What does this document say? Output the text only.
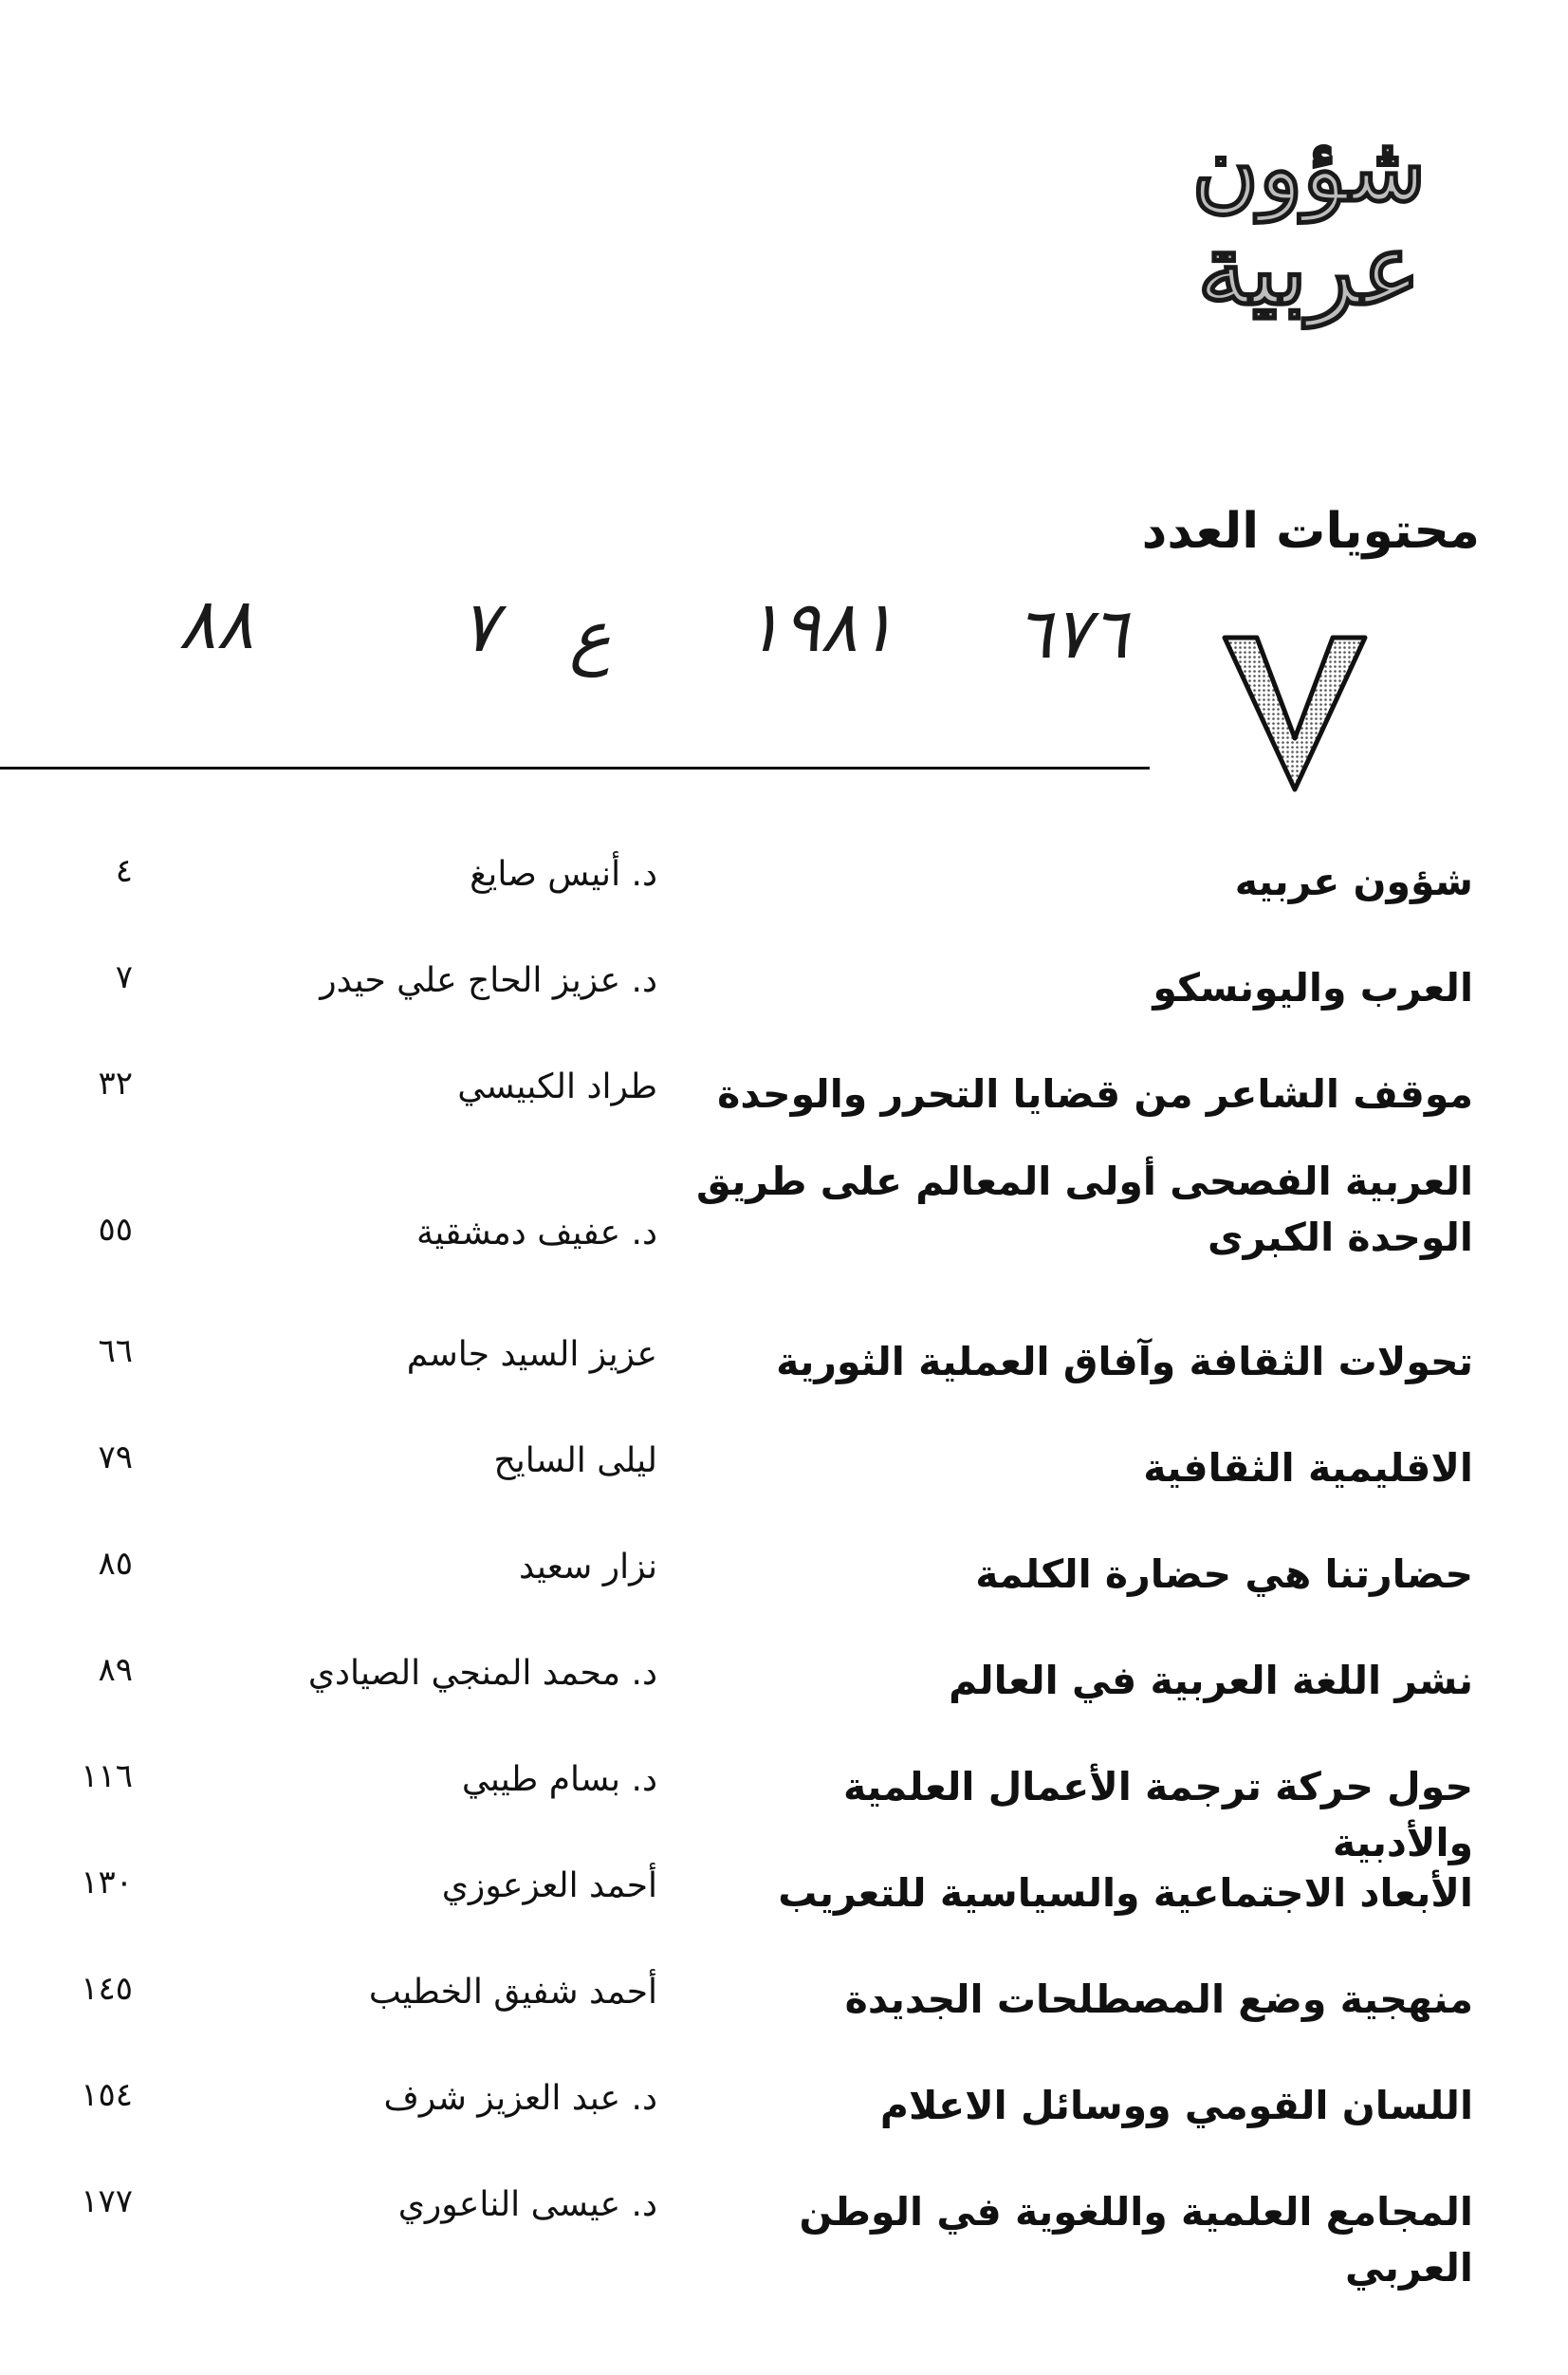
شؤون
عربية
محتويات العدد
٨٨	٧ ع ١٩٨١ ٦٧٦
٧
شؤون عربيه
د. أنيس صايغ
٤
العرب واليونسكو
د. عزيز الحاج علي حيدر
٧
موقف الشاعر من قضايا التحرر والوحدة
طراد الكبيسي
٣٢
العربية الفصحى أولى المعالم على طريق الوحدة الكبرى
د. عفيف دمشقية
٥٥
تحولات الثقافة وآفاق العملية الثورية
عزيز السيد جاسم
٦٦
الاقليمية الثقافية
ليلى السايح
٧٩
حضارتنا هي حضارة الكلمة
نزار سعيد
٨٥
نشر اللغة العربية في العالم
د. محمد المنجي الصيادي
٨٩
حول حركة ترجمة الأعمال العلمية والأدبية
د. بسام طيبي
١١٦
الأبعاد الاجتماعية والسياسية للتعريب
أحمد العزعوزي
١٣٠
منهجية وضع المصطلحات الجديدة
أحمد شفيق الخطيب
١٤٥
اللسان القومي ووسائل الاعلام
د. عبد العزيز شرف
١٥٤
المجامع العلمية واللغوية في الوطن العربي
د. عيسى الناعوري
١٧٧
